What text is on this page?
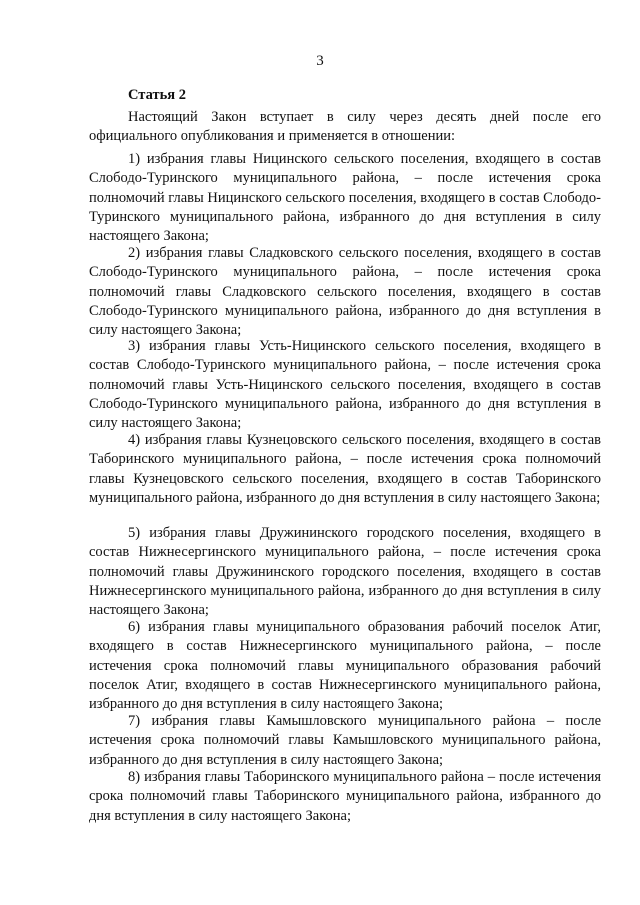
3

Статья 2

Настоящий Закон вступает в силу через десять дней после его официального опубликования и применяется в отношении:

1) избрания главы Ницинского сельского поселения, входящего в состав Слободо-Туринского муниципального района, – после истечения срока полномочий главы Ницинского сельского поселения, входящего в состав Слободо-Туринского муниципального района, избранного до дня вступления в силу настоящего Закона;

2) избрания главы Сладковского сельского поселения, входящего в состав Слободо-Туринского муниципального района, – после истечения срока полномочий главы Сладковского сельского поселения, входящего в состав Слободо-Туринского муниципального района, избранного до дня вступления в силу настоящего Закона;

3) избрания главы Усть-Ницинского сельского поселения, входящего в состав Слободо-Туринского муниципального района, – после истечения срока полномочий главы Усть-Ницинского сельского поселения, входящего в состав Слободо-Туринского муниципального района, избранного до дня вступления в силу настоящего Закона;

4) избрания главы Кузнецовского сельского поселения, входящего в состав Таборинского муниципального района, – после истечения срока полномочий главы Кузнецовского сельского поселения, входящего в состав Таборинского муниципального района, избранного до дня вступления в силу настоящего Закона;

5) избрания главы Дружининского городского поселения, входящего в состав Нижнесергинского муниципального района, – после истечения срока полномочий главы Дружининского городского поселения, входящего в состав Нижнесергинского муниципального района, избранного до дня вступления в силу настоящего Закона;

6) избрания главы муниципального образования рабочий поселок Атиг, входящего в состав Нижнесергинского муниципального района, – после истечения срока полномочий главы муниципального образования рабочий поселок Атиг, входящего в состав Нижнесергинского муниципального района, избранного до дня вступления в силу настоящего Закона;

7) избрания главы Камышловского муниципального района – после истечения срока полномочий главы Камышловского муниципального района, избранного до дня вступления в силу настоящего Закона;

8) избрания главы Таборинского муниципального района – после истечения срока полномочий главы Таборинского муниципального района, избранного до дня вступления в силу настоящего Закона;
